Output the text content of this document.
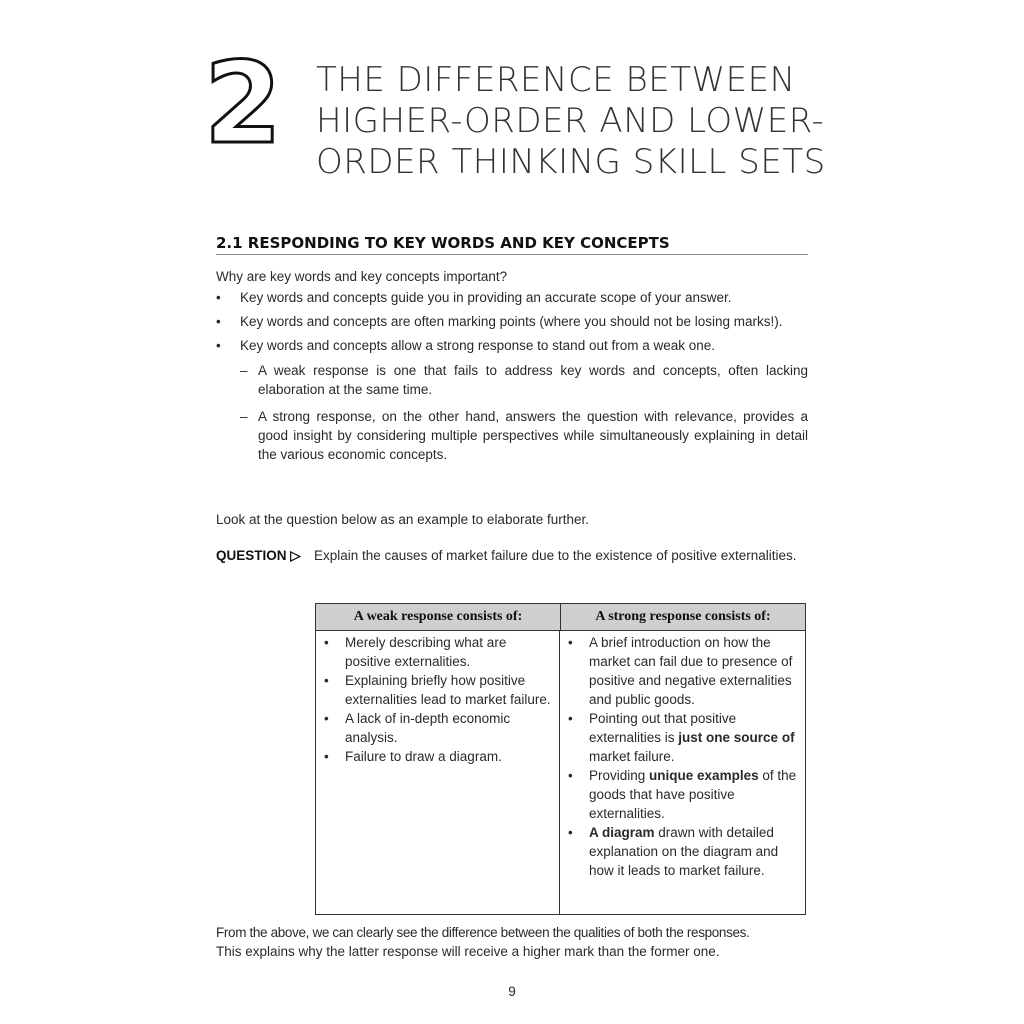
2 THE DIFFERENCE BETWEEN
HIGHER-ORDER AND LOWER-
ORDER THINKING SKILL SETS
2.1 RESPONDING TO KEY WORDS AND KEY CONCEPTS
Why are key words and key concepts important?
• Key words and concepts guide you in providing an accurate scope of your answer.
• Key words and concepts are often marking points (where you should not be losing marks!).
• Key words and concepts allow a strong response to stand out from a weak one.
– A weak response is one that fails to address key words and concepts, often lacking elaboration at the same time.
– A strong response, on the other hand, answers the question with relevance, provides a good insight by considering multiple perspectives while simultaneously explaining in detail the various economic concepts.
Look at the question below as an example to elaborate further.
QUESTION ▷ Explain the causes of market failure due to the existence of positive externalities.
A weak response consists of:	A strong response consists of:
• Merely describing what are positive externalities.
• Explaining briefly how positive externalities lead to market failure.
• A lack of in-depth economic analysis.
• Failure to draw a diagram.
• A brief introduction on how the market can fail due to presence of positive and negative externalities and public goods.
• Pointing out that positive externalities is just one source of market failure.
• Providing unique examples of the goods that have positive externalities.
• A diagram drawn with detailed explanation on the diagram and how it leads to market failure.
From the above, we can clearly see the difference between the qualities of both the responses.
This explains why the latter response will receive a higher mark than the former one.
9
